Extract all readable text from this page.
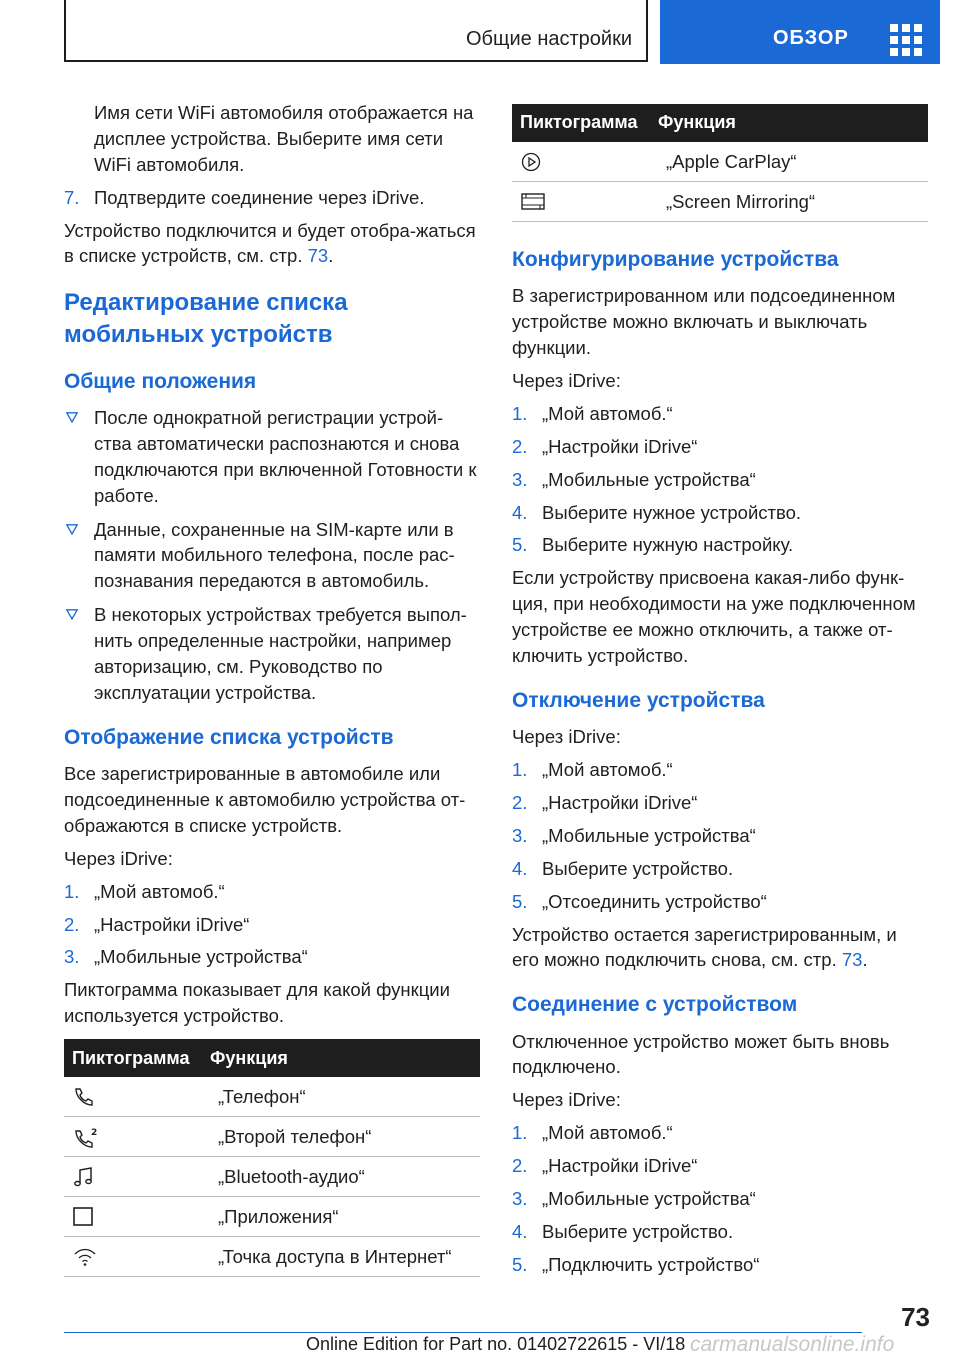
Общие настройки	ОБЗОР

Имя сети WiFi автомобиля отображается на дисплее устройства. Выберите имя сети WiFi автомобиля.

7. Подтвердите соединение через iDrive.

Устройство подключится и будет отобра-жаться в списке устройств, см. стр. 73.

Редактирование списка мобильных устройств
Общие положения
После однократной регистрации устрой-ства автоматически распознаются и снова подключаются при включенной Готовности к работе.
Данные, сохраненные на SIM-карте или в памяти мобильного телефона, после рас-познавания передаются в автомобиль.
В некоторых устройствах требуется выпол-нить определенные настройки, например авторизацию, см. Руководство по эксплуатации устройства.
Отображение списка устройств

Все зарегистрированные в автомобиле или подсоединенные к автомобилю устройства от-ображаются в списке устройств.

Через iDrive:

1. „Мой автомоб.“
2. „Настройки iDrive“
3. „Мобильные устройства“

Пиктограмма показывает для какой функции используется устройство.

Пиктограмма	Функция

	„Телефон“

2	„Второй телефон“

	„Bluetooth-аудио“

	„Приложения“

	„Точка доступа в Интернет“
Пиктограмма	Функция

	„Apple CarPlay“

	„Screen Mirroring“
Конфигурирование устройства

В зарегистрированном или подсоединенном устройстве можно включать и выключать функции.

Через iDrive:

1. „Мой автомоб.“
2. „Настройки iDrive“
3. „Мобильные устройства“
4. Выберите нужное устройство.
5. Выберите нужную настройку.

Если устройству присвоена какая-либо функ-ция, при необходимости на уже подключенном устройстве ее можно отключить, а также от-ключить устройство.

Отключение устройства

Через iDrive:

1. „Мой автомоб.“
2. „Настройки iDrive“
3. „Мобильные устройства“
4. Выберите устройство.
5. „Отсоединить устройство“

Устройство остается зарегистрированным, и его можно подключить снова, см. стр. 73.

Соединение с устройством

Отключенное устройство может быть вновь подключено.

Через iDrive:

1. „Мой автомоб.“
2. „Настройки iDrive“
3. „Мобильные устройства“
4. Выберите устройство.
5. „Подключить устройство“
73
Online Edition for Part no. 01402722615 - VI/18 carmanualsonline.info
